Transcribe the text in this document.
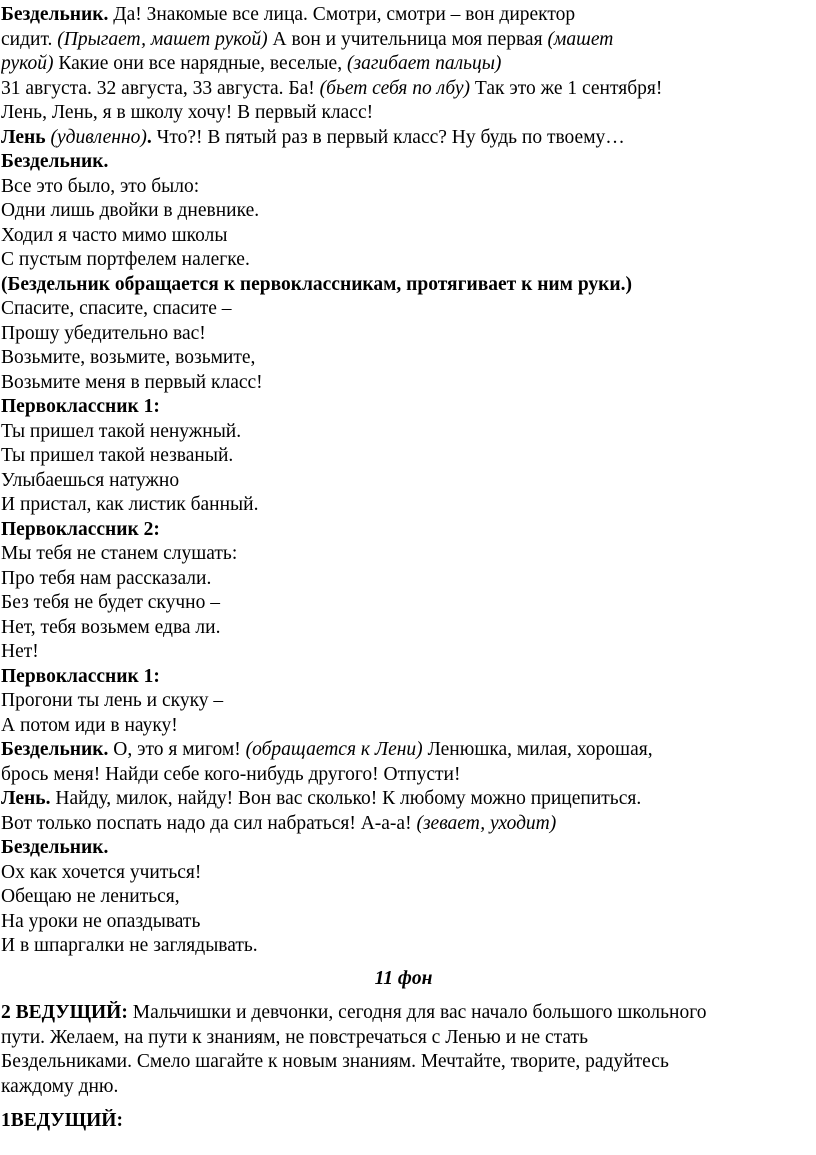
Бездельник. Да! Знакомые все лица. Смотри, смотри – вон директор
сидит. (Прыгает, машет рукой) А вон и учительница моя первая (машет
рукой) Какие они все нарядные, веселые, (загибает пальцы)
31 августа. 32 августа, 33 августа. Ба! (бьет себя по лбу) Так это же 1 сентября!
Лень, Лень, я в школу хочу! В первый класс!
Лень (удивленно). Что?! В пятый раз в первый класс? Ну будь по твоему…
Бездельник.
Все это было, это было:
Одни лишь двойки в дневнике.
Ходил я часто мимо школы
С пустым портфелем налегке.
(Бездельник обращается к первоклассникам, протягивает к ним руки.)
Спасите, спасите, спасите –
Прошу убедительно вас!
Возьмите, возьмите, возьмите,
Возьмите меня в первый класс!
Первоклассник 1:
Ты пришел такой ненужный.
Ты пришел такой незваный.
Улыбаешься натужно
И пристал, как листик банный.
Первоклассник 2:
Мы тебя не станем слушать:
Про тебя нам рассказали.
Без тебя не будет скучно –
Нет, тебя возьмем едва ли.
Нет!
Первоклассник 1:
Прогони ты лень и скуку –
А потом иди в науку!
Бездельник. О, это я мигом! (обращается к Лени) Ленюшка, милая, хорошая,
брось меня! Найди себе кого-нибудь другого! Отпусти!
Лень. Найду, милок, найду! Вон вас сколько! К любому можно прицепиться.
Вот только поспать надо да сил набраться! А-а-а! (зевает, уходит)
Бездельник.
Ох как хочется учиться!
Обещаю не лениться,
На уроки не опаздывать
И в шпаргалки не заглядывать.
11 фон
2 ВЕДУЩИЙ: Мальчишки и девчонки, сегодня для вас начало большого школьного
пути. Желаем, на пути к знаниям, не повстречаться с Ленью и не стать
Бездельниками. Смело шагайте к новым знаниям. Мечтайте, творите, радуйтесь
каждому дню.
1ВЕДУЩИЙ:
